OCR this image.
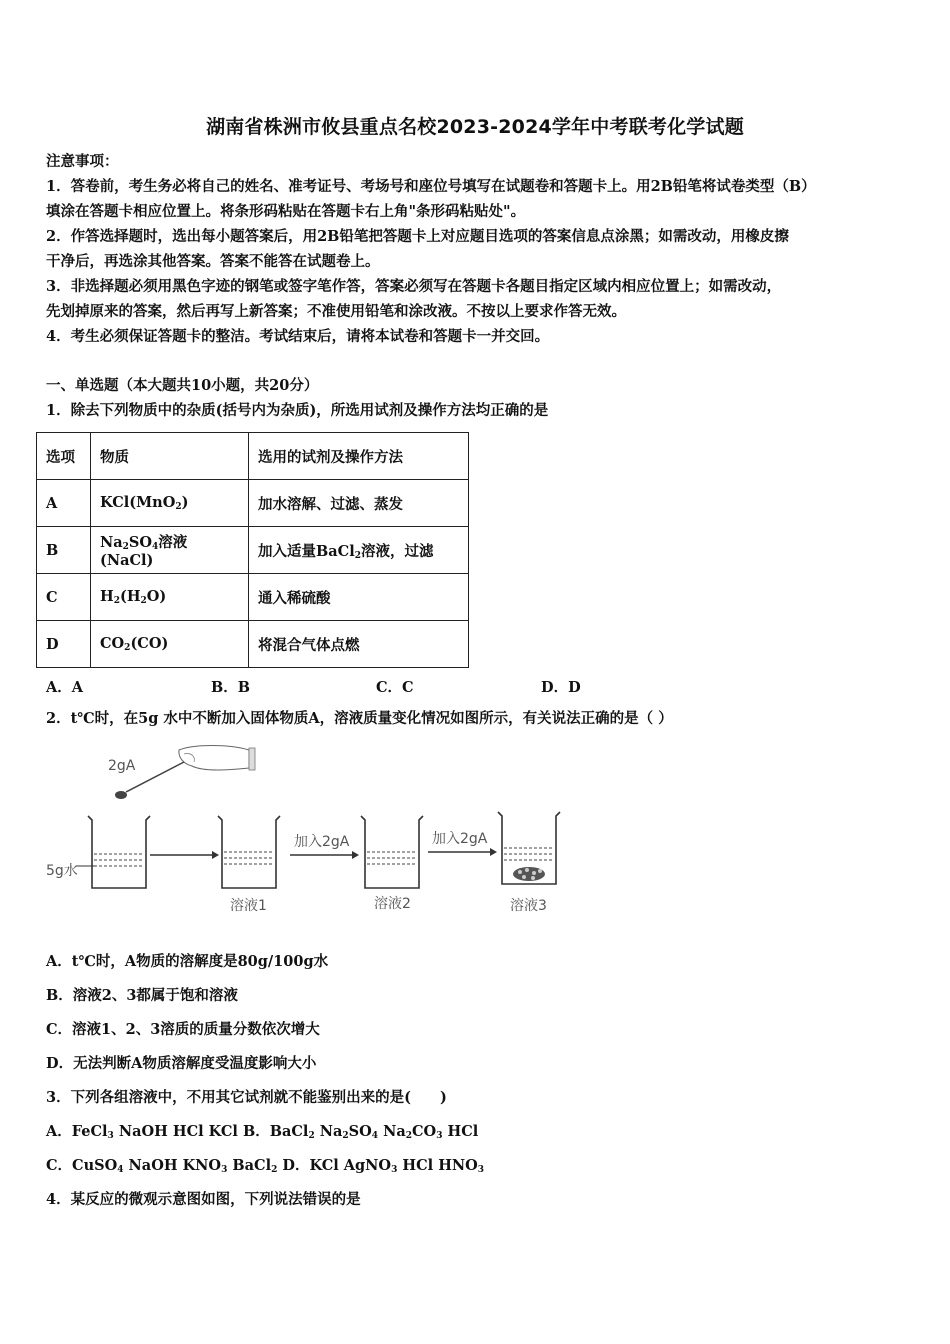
湖南省株洲市攸县重点名校2023-2024学年中考联考化学试题
注意事项：
1．答卷前，考生务必将自己的姓名、准考证号、考场号和座位号填写在试题卷和答题卡上。用2B铅笔将试卷类型（B）
填涂在答题卡相应位置上。将条形码粘贴在答题卡右上角"条形码粘贴处"。
2．作答选择题时，选出每小题答案后，用2B铅笔把答题卡上对应题目选项的答案信息点涂黑；如需改动，用橡皮擦
干净后，再选涂其他答案。答案不能答在试题卷上。
3．非选择题必须用黑色字迹的钢笔或签字笔作答，答案必须写在答题卡各题目指定区域内相应位置上；如需改动，
先划掉原来的答案，然后再写上新答案；不准使用铅笔和涂改液。不按以上要求作答无效。
4．考生必须保证答题卡的整洁。考试结束后，请将本试卷和答题卡一并交回。
一、单选题（本大题共10小题，共20分）
1．除去下列物质中的杂质(括号内为杂质)，所选用试剂及操作方法均正确的是
选项	物质	选用的试剂及操作方法
A	KCl(MnO$_2$)	加水溶解、过滤、蒸发
B	$Na_2SO_4$溶液(NaCl)	加入适量BaCl$_2$溶液，过滤
C	$H_2(H_2O)$	通入稀硫酸
D	$CO_2(CO)$	将混合气体点燃
A．A	B．B	C．C	D．D
2．t℃时，在5g 水中不断加入固体物质A，溶液质量变化情况如图所示，有关说法正确的是（ ）
2gA
5g水
溶液1
加入2gA
溶液2
加入2gA
溶液3
A．t℃时，A物质的溶解度是80g/100g水
B．溶液2、3都属于饱和溶液
C．溶液1、2、3溶质的质量分数依次增大
D．无法判断A物质溶解度受温度影响大小
3．下列各组溶液中，不用其它试剂就不能鉴别出来的是(　　)
A．FeCl$_3$ NaOH HCl KCl B．BaCl$_2$ $Na_2SO_4$ $Na_2CO_3$ HCl
C．CuSO$_4$ NaOH $KNO_3$ BaCl$_2$ D．KCl AgNO$_3$ HCl $HNO_3$
4．某反应的微观示意图如图，下列说法错误的是
